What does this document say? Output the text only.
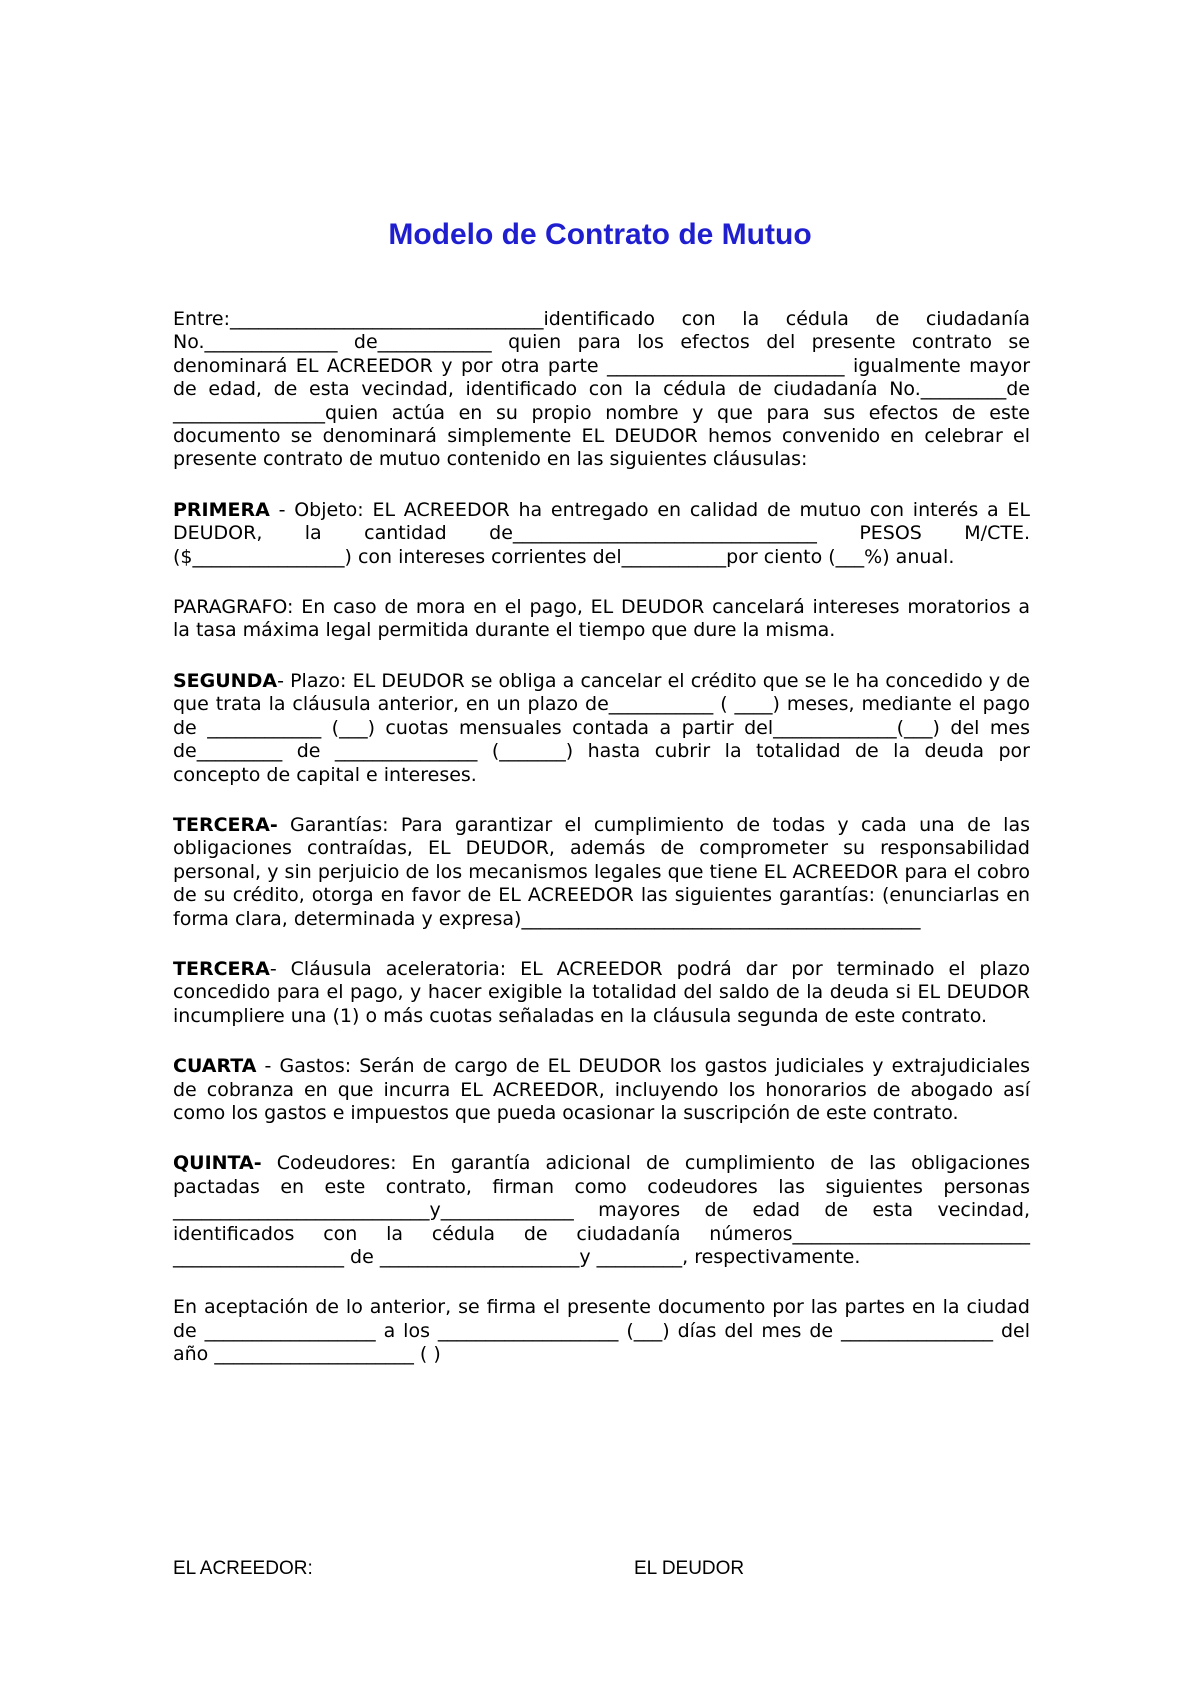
Modelo de Contrato de Mutuo

Entre:_________________________________identificado con la cédula de ciudadanía No.______________ de____________ quien para los efectos del presente contrato se denominará EL ACREEDOR y por otra parte _________________________ igualmente mayor de edad, de esta vecindad, identificado con la cédula de ciudadanía No._________de ________________quien actúa en su propio nombre y que para sus efectos de este documento se denominará simplemente EL DEUDOR hemos convenido en celebrar el presente contrato de mutuo contenido en las siguientes cláusulas:

PRIMERA - Objeto: EL ACREEDOR ha entregado en calidad de mutuo con interés a EL DEUDOR, la cantidad de________________________________ PESOS M/CTE. ($________________) con intereses corrientes del___________por ciento (___%) anual.

PARAGRAFO: En caso de mora en el pago, EL DEUDOR cancelará intereses moratorios a la tasa máxima legal permitida durante el tiempo que dure la misma.

SEGUNDA- Plazo: EL DEUDOR se obliga a cancelar el crédito que se le ha concedido y de que trata la cláusula anterior, en un plazo de___________ ( ____) meses, mediante el pago de ____________ (___) cuotas mensuales contada a partir del_____________(___) del mes de_________ de _______________ (_______) hasta cubrir la totalidad de la deuda por concepto de capital e intereses.

TERCERA- Garantías: Para garantizar el cumplimiento de todas y cada una de las obligaciones contraídas, EL DEUDOR, además de comprometer su responsabilidad personal, y sin perjuicio de los mecanismos legales que tiene EL ACREEDOR para el cobro de su crédito, otorga en favor de EL ACREEDOR las siguientes garantías: (enunciarlas en forma clara, determinada y expresa)__________________________________________

TERCERA- Cláusula aceleratoria: EL ACREEDOR podrá dar por terminado el plazo concedido para el pago, y hacer exigible la totalidad del saldo de la deuda si EL DEUDOR incumpliere una (1) o más cuotas señaladas en la cláusula segunda de este contrato.

CUARTA - Gastos: Serán de cargo de EL DEUDOR los gastos judiciales y extrajudiciales de cobranza en que incurra EL ACREEDOR, incluyendo los honorarios de abogado así como los gastos e impuestos que pueda ocasionar la suscripción de este contrato.

QUINTA- Codeudores: En garantía adicional de cumplimiento de las obligaciones pactadas en este contrato, firman como codeudores las siguientes personas ___________________________y______________ mayores de edad de esta vecindad, identificados con la cédula de ciudadanía números_________________________ __________________ de _____________________y _________, respectivamente.

En aceptación de lo anterior, se firma el presente documento por las partes en la ciudad de __________________ a los ___________________ (___) días del mes de ________________ del año _____________________ ( )

EL ACREEDOR:	EL DEUDOR
